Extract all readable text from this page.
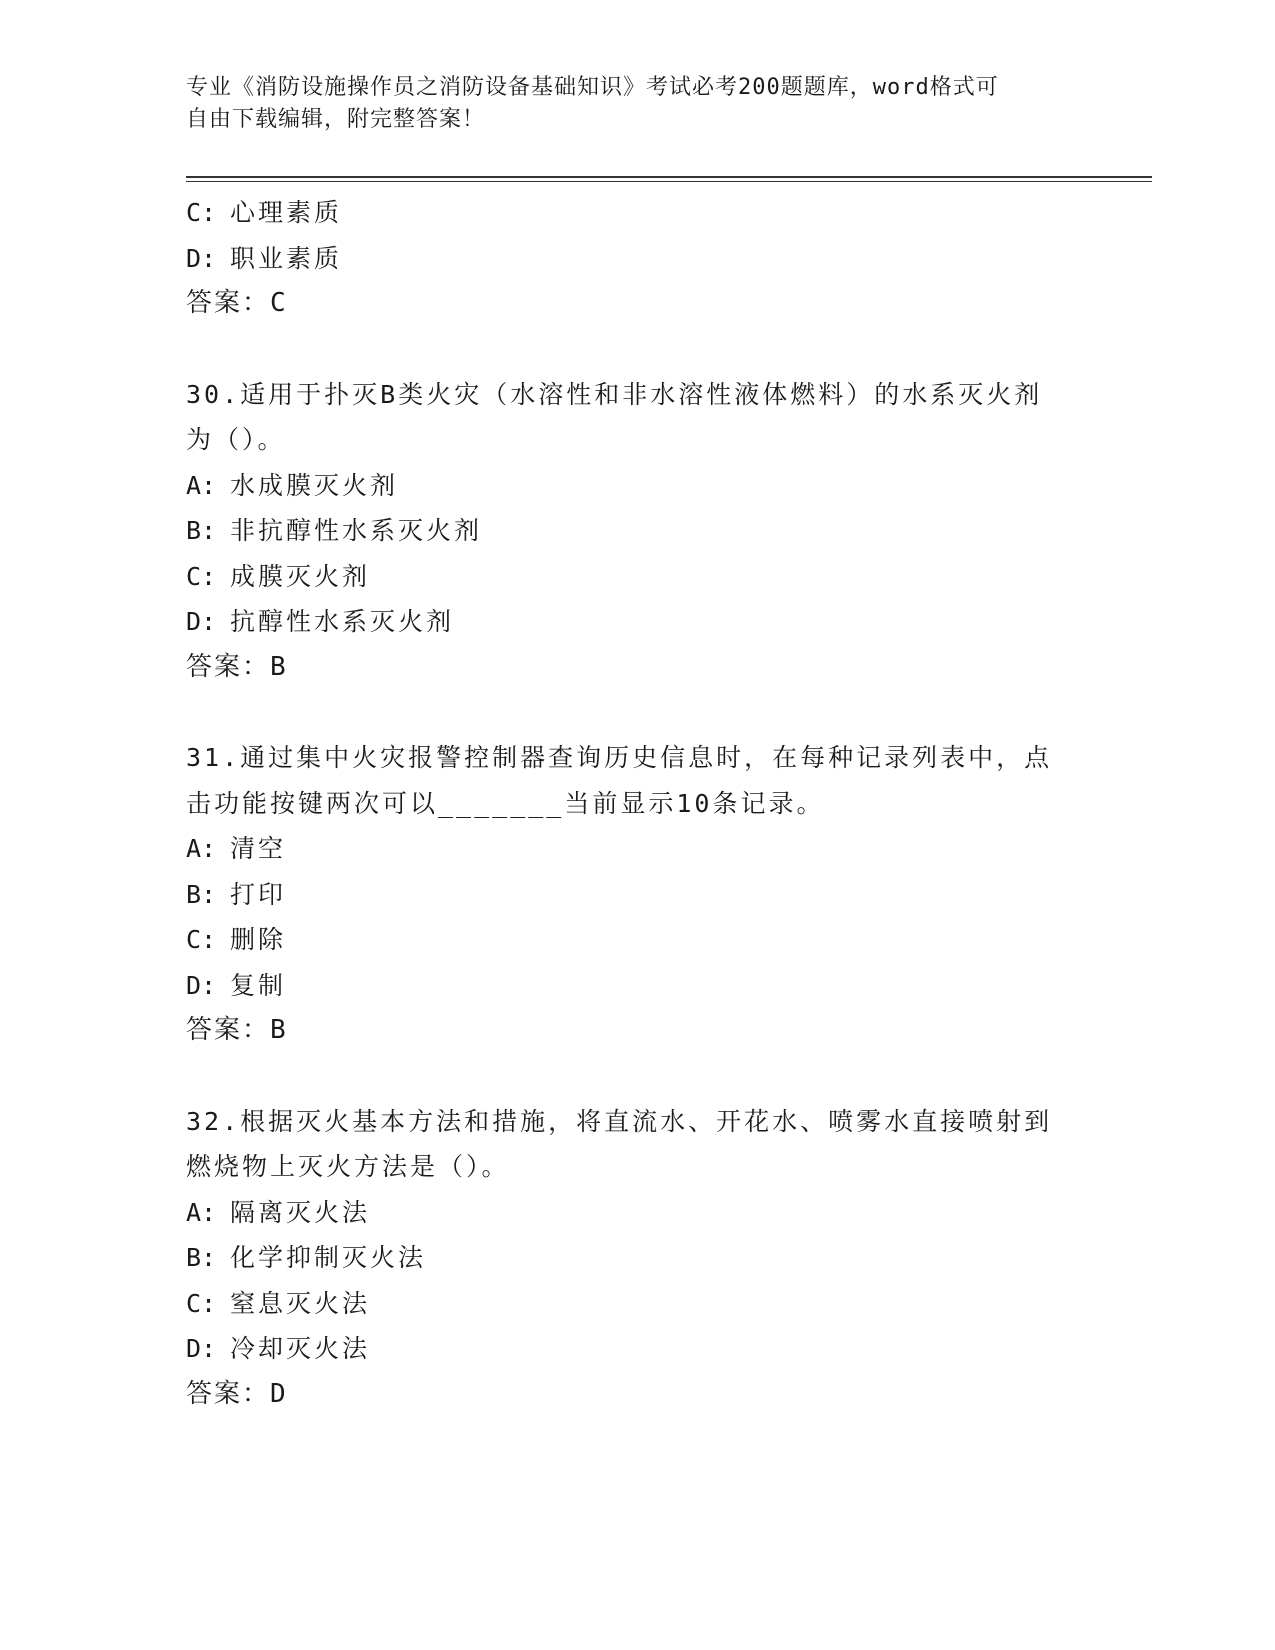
专业《消防设施操作员之消防设备基础知识》考试必考200题题库，word格式可
自由下载编辑，附完整答案！
C: 心理素质
D: 职业素质
答案：C
30.适用于扑灭B类火灾（水溶性和非水溶性液体燃料）的水系灭火剂
为（）。
A: 水成膜灭火剂
B: 非抗醇性水系灭火剂
C: 成膜灭火剂
D: 抗醇性水系灭火剂
答案：B
31.通过集中火灾报警控制器查询历史信息时，在每种记录列表中，点
击功能按键两次可以_______当前显示10条记录。
A: 清空
B: 打印
C: 删除
D: 复制
答案：B
32.根据灭火基本方法和措施，将直流水、开花水、喷雾水直接喷射到
燃烧物上灭火方法是（）。
A: 隔离灭火法
B: 化学抑制灭火法
C: 窒息灭火法
D: 冷却灭火法
答案：D
